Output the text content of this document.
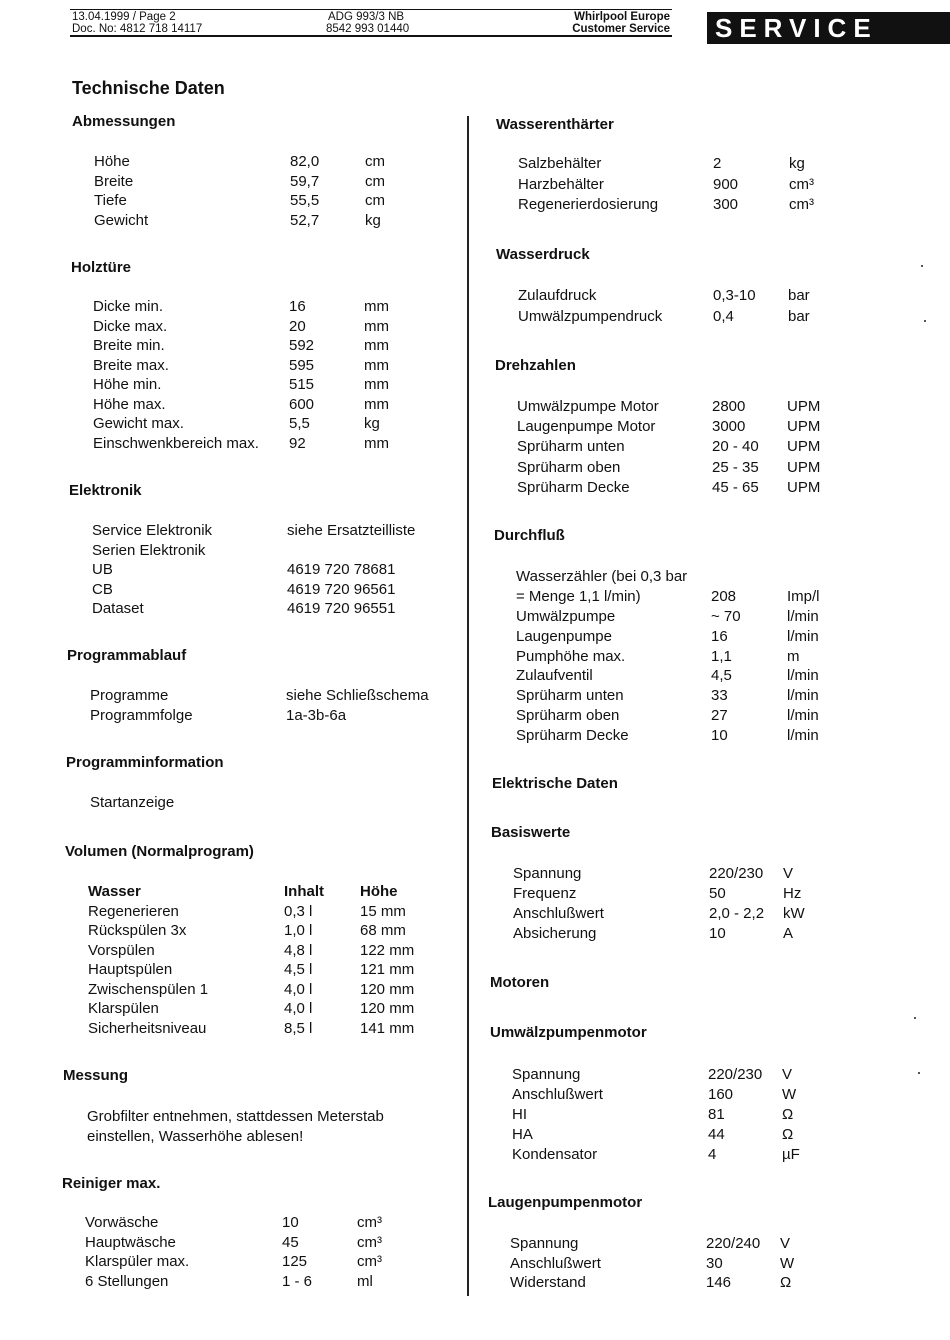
13.04.1999 / Page 2
Doc. No: 4812 718 14117
ADG 993/3 NB
8542 993 01440
Whirlpool Europe
Customer Service	SERVICE
Technische Daten
Abmessungen
Höhe	82,0	cm
Breite	59,7	cm
Tiefe	55,5	cm
Gewicht	52,7	kg
Holztüre
Dicke min.	16	mm
Dicke max.	20	mm
Breite min.	592	mm
Breite max.	595	mm
Höhe min.	515	mm
Höhe max.	600	mm
Gewicht max.	5,5	kg
Einschwenkbereich max. 92	mm
Elektronik
Service Elektronik	siehe Ersatzteilliste
Serien Elektronik
UB	4619 720 78681
CB	4619 720 96561
Dataset	4619 720 96551
Programmablauf
Programme	siehe Schließschema
Programmfolge	1a-3b-6a
Programminformation
Startanzeige
Volumen (Normalprogram)
Wasser	Inhalt Höhe
Regenerieren	0,3 l	15 mm
Rückspülen 3x	1,0 l	68 mm
Vorspülen	4,8 l	122 mm
Hauptspülen	4,5 l	121 mm
Zwischenspülen 1	4,0 l	120 mm
Klarspülen	4,0 l	120 mm
Sicherheitsniveau	8,5 l	141 mm
Messung
Grobfilter entnehmen, stattdessen Meterstab
einstellen, Wasserhöhe ablesen!
Reiniger max.
Vorwäsche	10	cm³
Hauptwäsche	45	cm³
Klarspüler max.	125	cm³
6 Stellungen	1 - 6	ml
Wasserenthärter
Salzbehälter	2	kg
Harzbehälter	900	cm³
Regenerierdosierung	300	cm³
Wasserdruck
Zulaufdruck	0,3-10 bar
Umwälzpumpendruck	0,4	bar
Drehzahlen
Umwälzpumpe Motor	2800	UPM
Laugenpumpe Motor	3000	UPM
Sprüharm unten	20 - 40 UPM
Sprüharm oben	25 - 35 UPM
Sprüharm Decke	45 - 65 UPM
Durchfluß
Wasserzähler (bei 0,3 bar
= Menge 1,1 l/min)	208	Imp/l
Umwälzpumpe	~ 70	l/min
Laugenpumpe	16	l/min
Pumphöhe max.	1,1	m
Zulaufventil	4,5	l/min
Sprüharm unten	33	l/min
Sprüharm oben	27	l/min
Sprüharm Decke	10	l/min
Elektrische Daten
Basiswerte
Spannung	220/230 V
Frequenz	50	Hz
Anschlußwert	2,0 - 2,2 kW
Absicherung	10	A
Motoren
Umwälzpumpenmotor
Spannung	220/230 V
Anschlußwert	160	W
HI	81	Ω
HA	44	Ω
Kondensator	4	µF
Laugenpumpenmotor
Spannung	220/240 V
Anschlußwert	30	W
Widerstand	146	Ω
